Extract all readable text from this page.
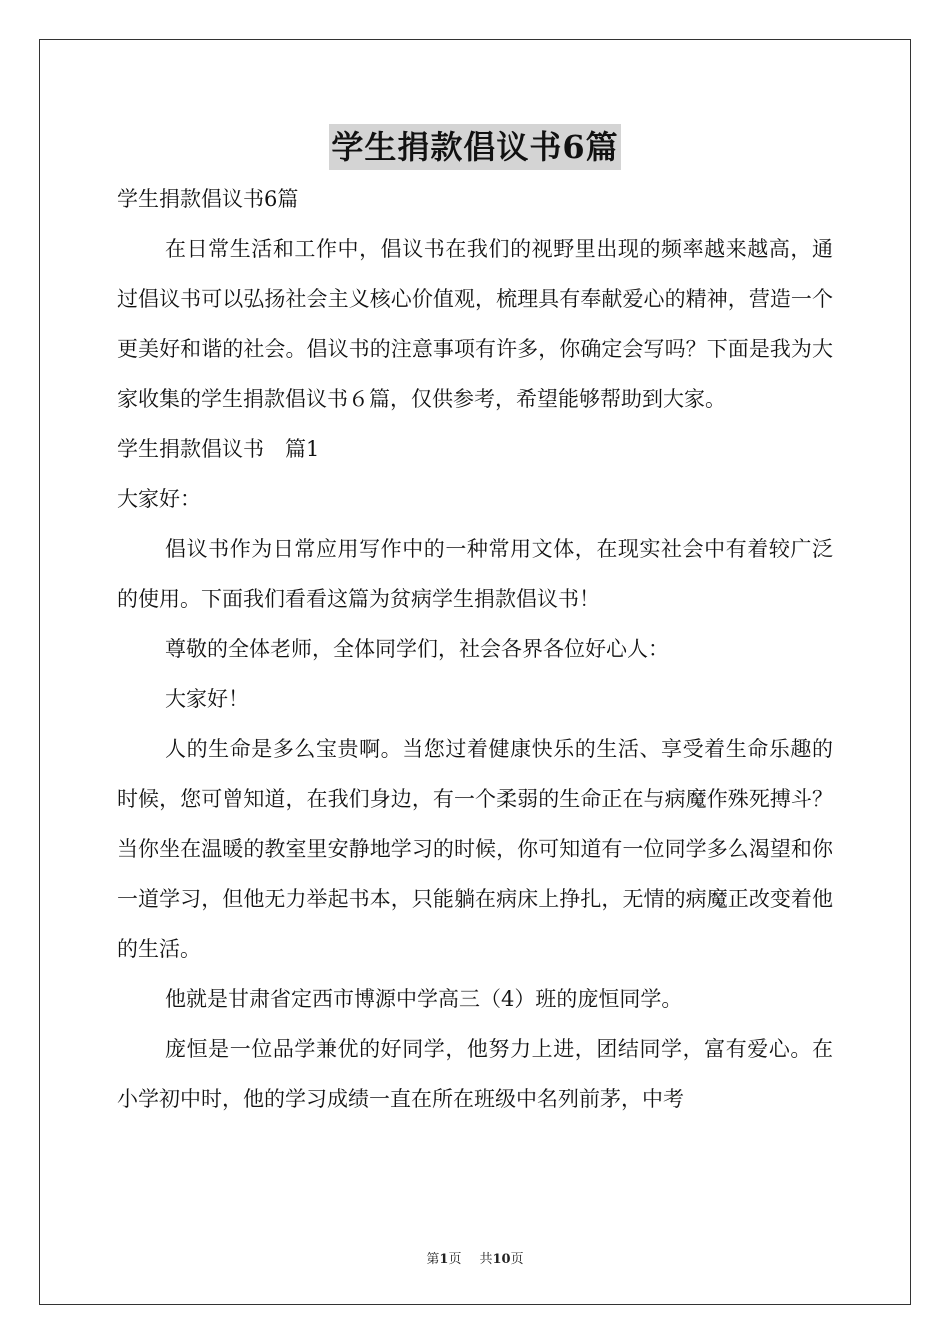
学生捐款倡议书6篇

学生捐款倡议书6篇

在日常生活和工作中，倡议书在我们的视野里出现的频率越来越高，通过倡议书可以弘扬社会主义核心价值观，梳理具有奉献爱心的精神，营造一个更美好和谐的社会。倡议书的注意事项有许多，你确定会写吗？下面是我为大家收集的学生捐款倡议书６篇，仅供参考，希望能够帮助到大家。

学生捐款倡议书　篇1

大家好：

倡议书作为日常应用写作中的一种常用文体，在现实社会中有着较广泛的使用。下面我们看看这篇为贫病学生捐款倡议书！

尊敬的全体老师，全体同学们，社会各界各位好心人：

大家好！

人的生命是多么宝贵啊。当您过着健康快乐的生活、享受着生命乐趣的时候，您可曾知道，在我们身边，有一个柔弱的生命正在与病魔作殊死搏斗？当你坐在温暖的教室里安静地学习的时候，你可知道有一位同学多么渴望和你一道学习，但他无力举起书本，只能躺在病床上挣扎，无情的病魔正改变着他的生活。

他就是甘肃省定西市博源中学高三（4）班的庞恒同学。

庞恒是一位品学兼优的好同学，他努力上进，团结同学，富有爱心。在小学初中时，他的学习成绩一直在所在班级中名列前茅，中考

第1页 共10页
